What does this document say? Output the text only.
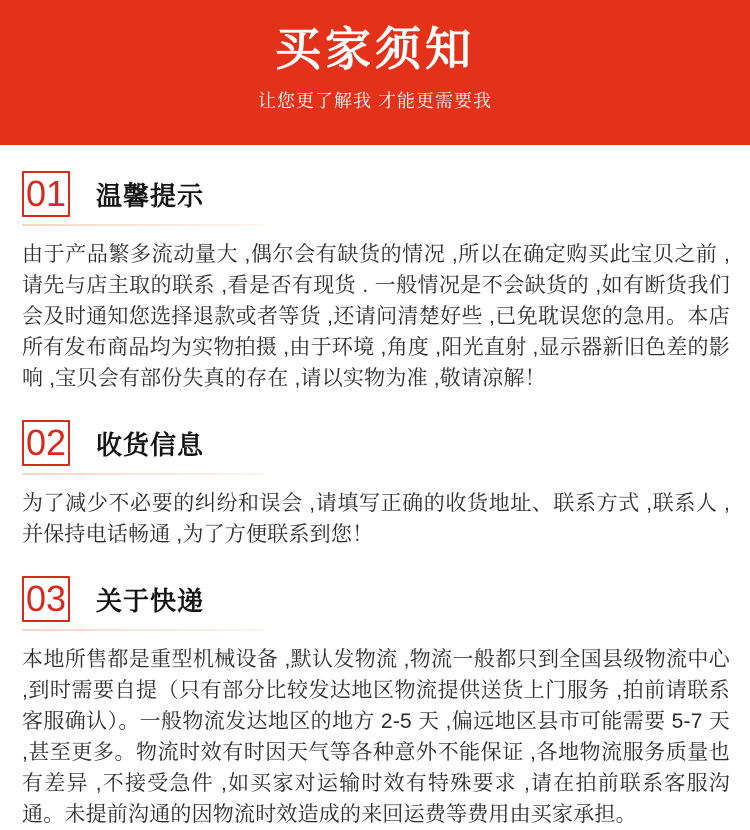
买家须知

让您更了解我 才能更需要我

01 温馨提示

由于产品繁多流动量大 ,偶尔会有缺货的情况 ,所以在确定购买此宝贝之前 ,请先与店主取的联系 ,看是否有现货 . 一般情况是不会缺货的 ,如有断货我们会及时通知您选择退款或者等货 ,还请问清楚好些 ,已免耽误您的急用。本店所有发布商品均为实物拍摄 ,由于环境 ,角度 ,阳光直射 ,显示器新旧色差的影响 ,宝贝会有部份失真的存在 ,请以实物为准 ,敬请凉解！

02 收货信息

为了减少不必要的纠纷和误会 ,请填写正确的收货地址、联系方式 ,联系人 ,并保持电话畅通 ,为了方便联系到您！

03 关于快递

本地所售都是重型机械设备 ,默认发物流 ,物流一般都只到全国县级物流中心 ,到时需要自提（只有部分比较发达地区物流提供送货上门服务 ,拍前请联系客服确认）。一般物流发达地区的地方 2-5 天 ,偏远地区县市可能需要 5-7 天 ,甚至更多。物流时效有时因天气等各种意外不能保证 ,各地物流服务质量也有差异 ,不接受急件 ,如买家对运输时效有特殊要求 ,请在拍前联系客服沟通。未提前沟通的因物流时效造成的来回运费等费用由买家承担。
